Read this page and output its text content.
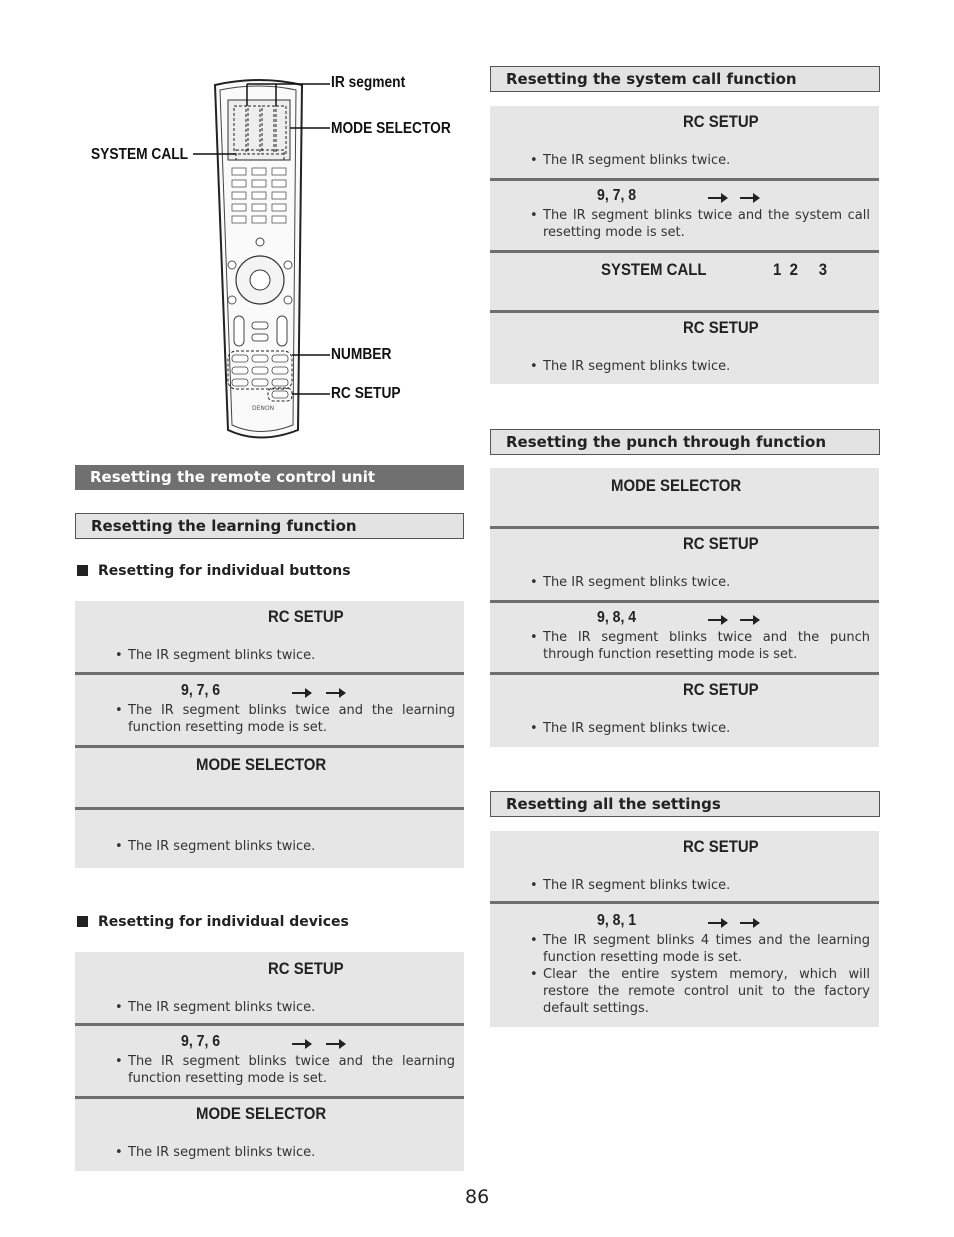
IR segment
MODE SELECTOR
SYSTEM CALL
NUMBER
RC SETUP
DENON
Resetting the remote control unit
Resetting the learning function
Resetting for individual buttons
RC SETUP
• The IR segment blinks twice.
9, 7, 6
• The IR segment blinks twice and the learning function resetting mode is set.
MODE SELECTOR
• The IR segment blinks twice.
Resetting for individual devices
RC SETUP
• The IR segment blinks twice.
9, 7, 6
• The IR segment blinks twice and the learning function resetting mode is set.
MODE SELECTOR
• The IR segment blinks twice.
Resetting the system call function
RC SETUP
• The IR segment blinks twice.
9, 7, 8
• The IR segment blinks twice and the system call resetting mode is set.
SYSTEM CALL	1  2     3
RC SETUP
• The IR segment blinks twice.
Resetting the punch through function
MODE SELECTOR
RC SETUP
• The IR segment blinks twice.
9, 8, 4
• The IR segment blinks twice and the punch through function resetting mode is set.
RC SETUP
• The IR segment blinks twice.
Resetting all the settings
RC SETUP
• The IR segment blinks twice.
9, 8, 1
• The IR segment blinks 4 times and the learning function resetting mode is set.
• Clear the entire system memory, which will restore the remote control unit to the factory default settings.
86
